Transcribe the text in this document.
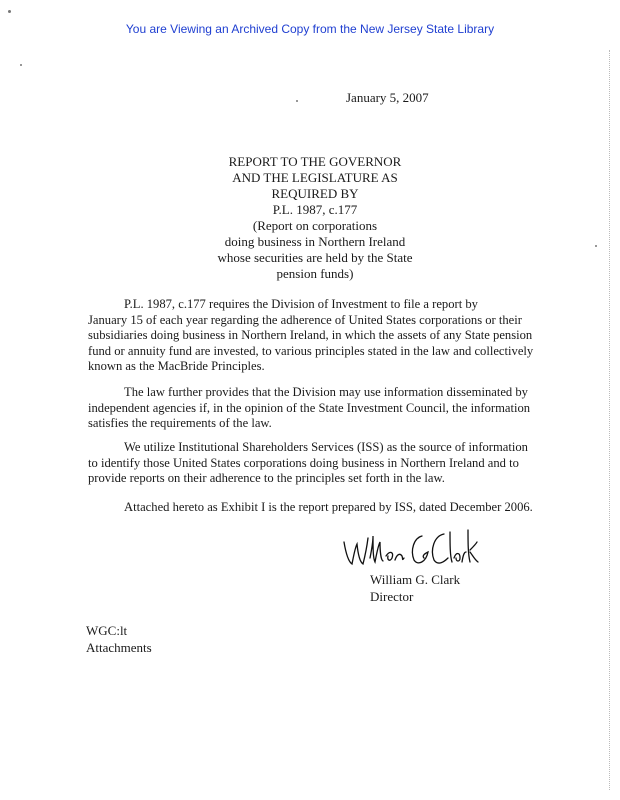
You are Viewing an Archived Copy from the New Jersey State Library
January 5, 2007
REPORT TO THE GOVERNOR
AND THE LEGISLATURE AS
REQUIRED BY
P.L. 1987, c.177
(Report on corporations
doing business in Northern Ireland
whose securities are held by the State
pension funds)
P.L. 1987, c.177 requires the Division of Investment to file a report by
January 15 of each year regarding the adherence of United States corporations or their
subsidiaries doing business in Northern Ireland, in which the assets of any State pension
fund or annuity fund are invested, to various principles stated in the law and collectively
known as the MacBride Principles.
The law further provides that the Division may use information disseminated by
independent agencies if, in the opinion of the State Investment Council, the information
satisfies the requirements of the law.
We utilize Institutional Shareholders Services (ISS) as the source of information
to identify those United States corporations doing business in Northern Ireland and to
provide reports on their adherence to the principles set forth in the law.
Attached hereto as Exhibit I is the report prepared by ISS, dated December 2006.
William G. Clark
Director
WGC:lt
Attachments
